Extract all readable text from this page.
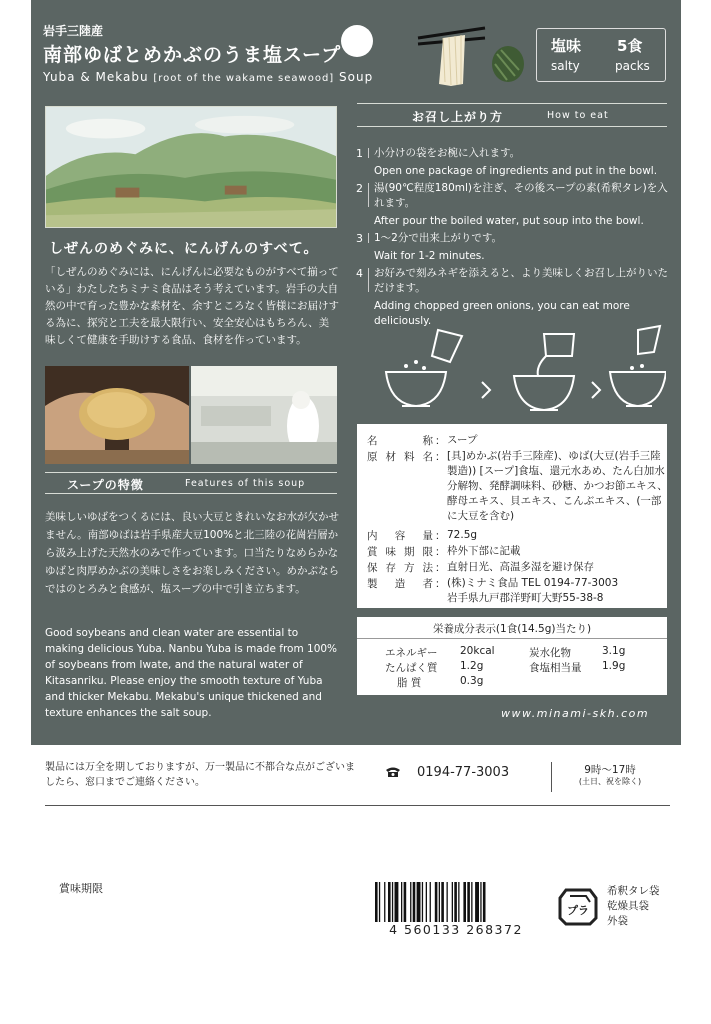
岩手三陸産
南部ゆばとめかぶのうま塩スープ
Yuba & Mekabu [root of the wakame seawood] Soup
塩味
salty
5食
packs
しぜんのめぐみに、にんげんのすべて。
「しぜんのめぐみには、にんげんに必要なものがすべて揃っている」わたしたちミナミ食品はそう考えています。岩手の大自然の中で育った豊かな素材を、余すところなく皆様にお届けする為に、探究と工夫を最大限行い、安全安心はもちろん、美味しくて健康を手助けする食品、食材を作っています。
スープの特徴	Features of this soup
美味しいゆばをつくるには、良い大豆ときれいなお水が欠かせません。南部ゆばは岩手県産大豆100%と北三陸の花崗岩層から汲み上げた天然水のみで作っています。口当たりなめらかなゆばと肉厚めかぶの美味しさをお楽しみください。めかぶならではのとろみと食感が、塩スープの中で引き立ちます。
Good soybeans and clean water are essential to making delicious Yuba. Nanbu Yuba is made from 100% of soybeans from Iwate, and the natural water of Kitasanriku. Please enjoy the smooth texture of Yuba and thicker Mekabu. Mekabu's unique thickened and texture enhances the salt soup.
お召し上がり方	How to eat
1 小分けの袋をお椀に入れます。
Open one package of ingredients and put in the bowl.
2 湯(90℃程度180ml)を注ぎ、その後スープの素(希釈タレ)を入れます。
After pour the boiled water, put soup into the bowl.
3 1～2分で出来上がりです。
Wait for 1-2 minutes.
4 お好みで刻みネギを添えると、より美味しくお召し上がりいただけます。
Adding chopped green onions, you can eat more deliciously.
名称 ： スープ
原材料名 ： [具]めかぶ(岩手三陸産)、ゆば(大豆(岩手三陸製造)) [スープ]食塩、還元水あめ、たん白加水分解物、発酵調味料、砂糖、かつお節エキス、酵母エキス、貝エキス、こんぶエキス、(一部に大豆を含む)
内容量 ： 72.5g
賞味期限 ： 枠外下部に記載
保存方法 ： 直射日光、高温多湿を避け保存
製造者 ： (株)ミナミ食品 TEL 0194-77-3003
岩手県九戸郡洋野町大野55-38-8
栄養成分表示(1食(14.5g)当たり)
エネルギー 20kcal	炭水化物	3.1g
たんぱく質 1.2g	食塩相当量 1.9g
脂 質	0.3g
www.minami-skh.com
製品には万全を期しておりますが、万一製品に不都合な点がございましたら、窓口までご連絡ください。
0194-77-3003	9時～17時
(土日、祝を除く)
賞味期限
4 560133 268372
プラ
希釈タレ袋
乾燥具袋
外袋
